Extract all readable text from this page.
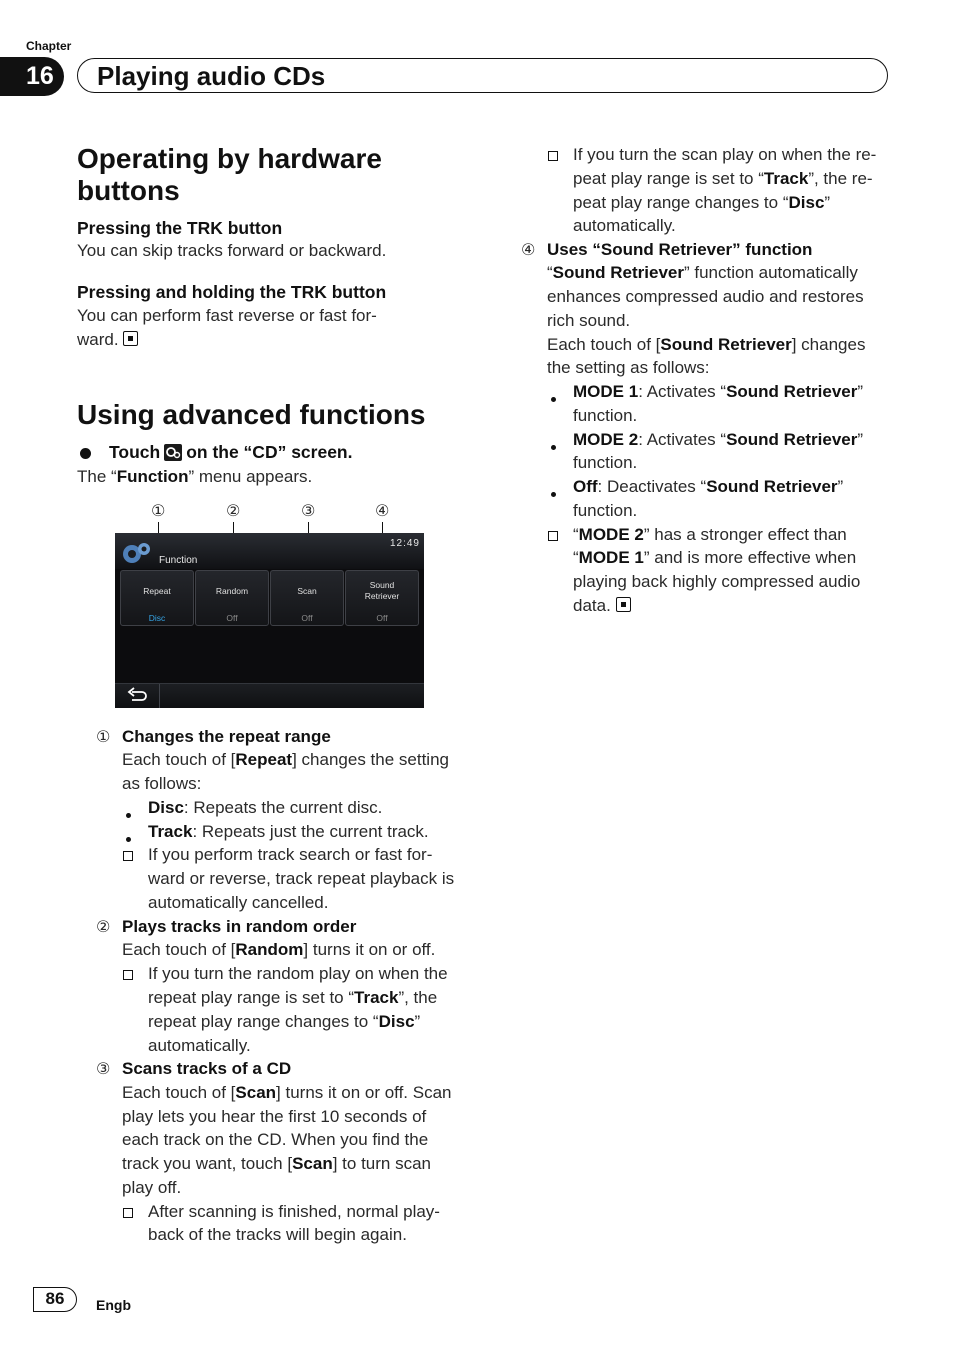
Chapter
16	Playing audio CDs
Operating by hardware buttons
Pressing the TRK button
You can skip tracks forward or backward.
Pressing and holding the TRK button
You can perform fast reverse or fast for-
ward.
Using advanced functions
Touch on the “CD” screen.
The “Function” menu appears.
①	②	③	④
Function
12:49
Repeat
Disc
Random
Off
Scan
Off
Sound Retriever
Off
① Changes the repeat range
Each touch of [Repeat] changes the setting
as follows:
Disc: Repeats the current disc.
Track: Repeats just the current track.
If you perform track search or fast for-
ward or reverse, track repeat playback is
automatically cancelled.
② Plays tracks in random order
Each touch of [Random] turns it on or off.
If you turn the random play on when the
repeat play range is set to “Track”, the
repeat play range changes to “Disc”
automatically.
③ Scans tracks of a CD
Each touch of [Scan] turns it on or off. Scan
play lets you hear the first 10 seconds of
each track on the CD. When you find the
track you want, touch [Scan] to turn scan
play off.
After scanning is finished, normal play-
back of the tracks will begin again.
If you turn the scan play on when the re-
peat play range is set to “Track”, the re-
peat play range changes to “Disc”
automatically.
④ Uses “Sound Retriever” function
“Sound Retriever” function automatically
enhances compressed audio and restores
rich sound.
Each touch of [Sound Retriever] changes
the setting as follows:
MODE 1: Activates “Sound Retriever”
function.
MODE 2: Activates “Sound Retriever”
function.
Off: Deactivates “Sound Retriever”
function.
“MODE 2” has a stronger effect than
“MODE 1” and is more effective when
playing back highly compressed audio
data.
86	Engb
